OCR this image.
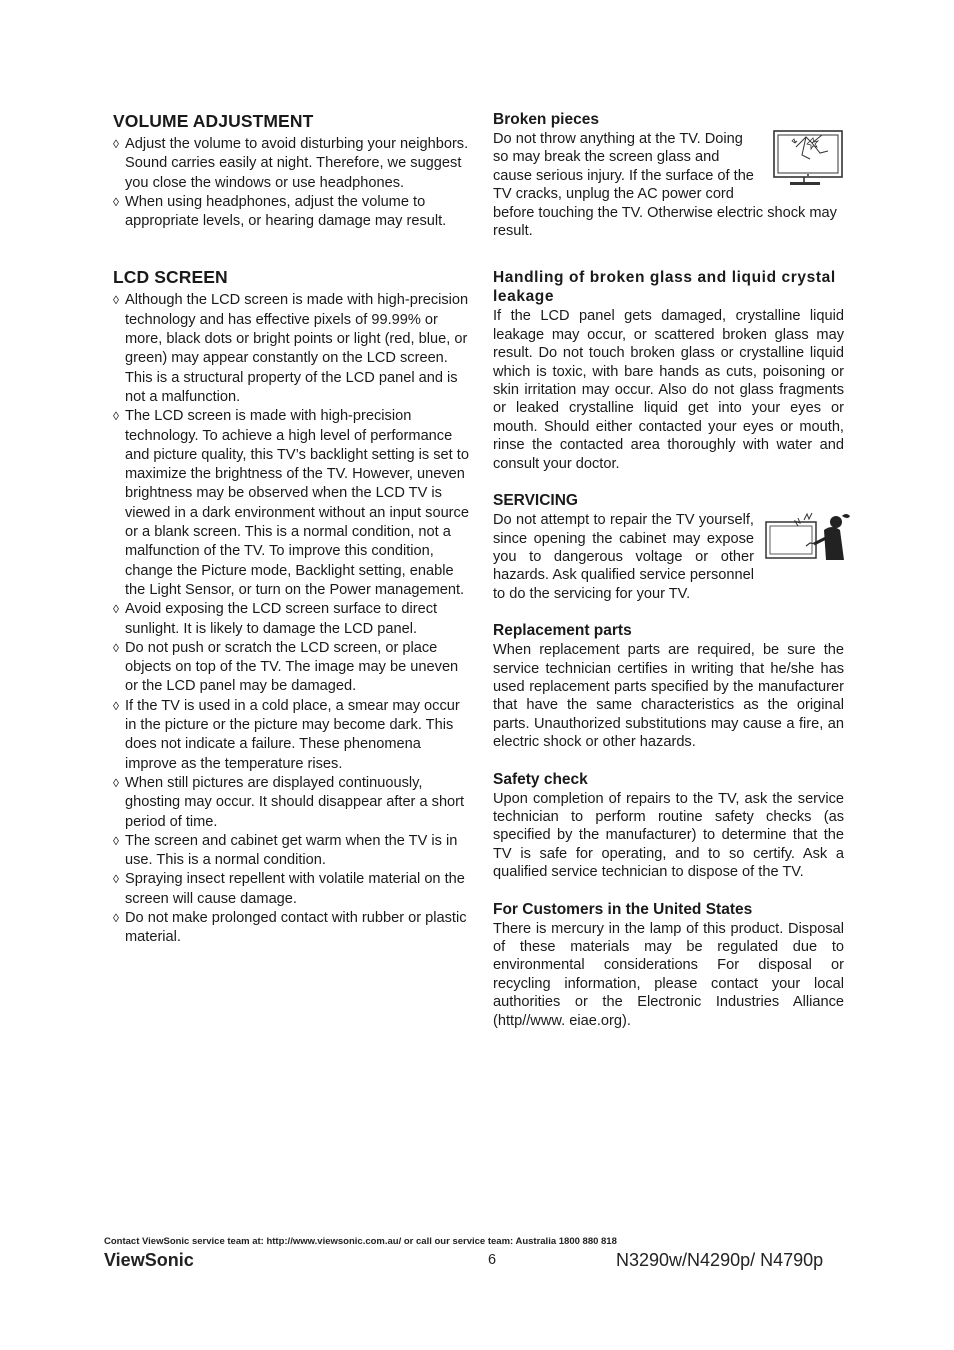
VOLUME ADJUSTMENT
◊ Adjust the volume to avoid disturbing your neighbors. Sound carries easily at night. Therefore, we suggest you close the windows or use headphones.
◊ When using headphones, adjust the volume to appropriate levels, or hearing damage may result.
LCD SCREEN
◊ Although the LCD screen is made with high-precision technology and has effective pixels of 99.99% or more, black dots or bright points or light (red, blue, or green) may appear constantly on the LCD screen. This is a structural property of the LCD panel and is not a malfunction.
◊ The LCD screen is made with high-precision technology. To achieve a high level of performance and picture quality, this TV’s backlight setting is set to maximize the brightness of the TV. However, uneven brightness may be observed when the LCD TV is viewed in a dark environment without an input source or a blank screen. This is a normal condition, not a malfunction of the TV. To improve this condition, change the Picture mode, Backlight setting, enable the Light Sensor, or turn on the Power management.
◊ Avoid exposing the LCD screen surface to direct sunlight. It is likely to damage the LCD panel.
◊ Do not push or scratch the LCD screen, or place objects on top of the TV. The image may be uneven or the LCD panel may be damaged.
◊ If the TV is used in a cold place, a smear may occur in the picture or the picture may become dark. This does not indicate a failure. These phenomena improve as the temperature rises.
◊ When still pictures are displayed continuously, ghosting may occur. It should disappear after a short period of time.
◊ The screen and cabinet get warm when the TV is in use. This is a normal condition.
◊ Spraying insect repellent with volatile material on the screen will cause damage.
◊ Do not make prolonged contact with rubber or plastic material.
Broken pieces

Do not throw anything at the TV. Doing so may break the screen glass and cause serious injury. If the surface of the TV cracks, unplug the AC power cord before touching the TV. Otherwise electric shock may result.

Handling of broken glass and liquid crystal leakage

If the LCD panel gets damaged, crystalline liquid leakage may occur, or scattered broken glass may result. Do not touch broken glass or crystalline liquid which is toxic, with bare hands as cuts, poisoning or skin irritation may occur. Also do not glass fragments or leaked crystalline liquid get into your eyes or mouth. Should either contacted your eyes or mouth, rinse the contacted area thoroughly with water and consult your doctor.

SERVICING

Do not attempt to repair the TV yourself, since opening the cabinet may expose you to dangerous voltage or other hazards. Ask qualified service personnel to do the servicing for your TV.

Replacement parts

When replacement parts are required, be sure the service technician certifies in writing that he/she has used replacement parts specified by the manufacturer that have the same characteristics as the original parts. Unauthorized substitutions may cause a fire, an electric shock or other hazards.

Safety check

Upon completion of repairs to the TV, ask the service technician to perform routine safety checks (as specified by the manufacturer) to determine that the TV is safe for operating, and to so certify. Ask a qualified service technician to dispose of the TV.

For Customers in the United States

There is mercury in the lamp of this product. Disposal of these materials may be regulated due to environmental considerations For disposal or recycling information, please contact your local authorities or the Electronic Industries Alliance (http//www. eiae.org).

Contact ViewSonic service team at: http://www.viewsonic.com.au/ or call our service team: Australia 1800 880 818
ViewSonic	6	N3290w/N4290p/ N4790p
